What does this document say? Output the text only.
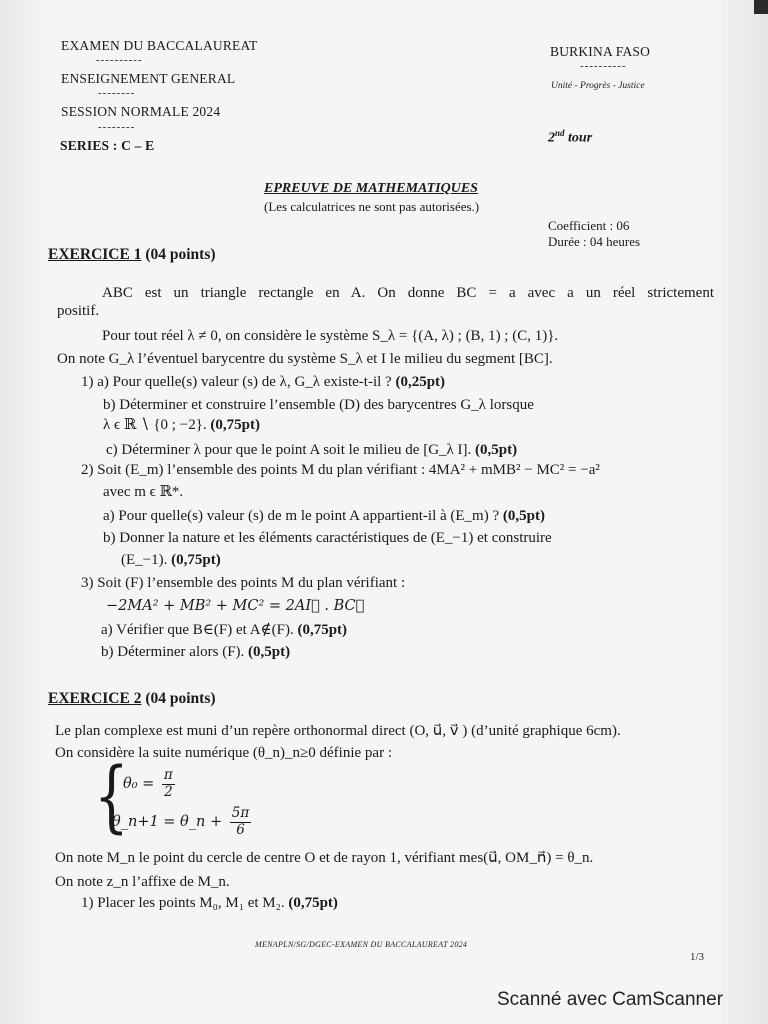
EXAMEN DU BACCALAUREAT
----------
ENSEIGNEMENT GENERAL
--------
SESSION NORMALE 2024
--------
SERIES : C – E
BURKINA FASO
----------
Unité - Progrès - Justice
2nd tour
EPREUVE DE MATHEMATIQUES
(Les calculatrices ne sont pas autorisées.)
Coefficient : 06
Durée : 04 heures
EXERCICE 1 (04 points)
ABC est un triangle rectangle en A. On donne BC = a avec a un réel strictement
positif.
Pour tout réel λ ≠ 0, on considère le système S_λ = {(A, λ) ; (B, 1) ; (C, 1)}.
On note G_λ l’éventuel barycentre du système S_λ et I le milieu du segment [BC].
1) a) Pour quelle(s) valeur (s) de λ, G_λ existe-t-il ? (0,25pt)
b) Déterminer et construire l’ensemble (D) des barycentres G_λ lorsque
λ ϵ ℝ ∖ {0 ; −2}. (0,75pt)
c) Déterminer λ pour que le point A soit le milieu de [G_λ I]. (0,5pt)
2) Soit (E_m) l’ensemble des points M du plan vérifiant : 4MA² + mMB² − MC² = −a²
avec m ϵ ℝ*.
a) Pour quelle(s) valeur (s) de m le point A appartient-il à (E_m) ? (0,5pt)
b) Donner la nature et les éléments caractéristiques de (E_−1) et construire
(E_−1). (0,75pt)
3) Soit (F) l’ensemble des points M du plan vérifiant :
−2MA² + MB² + MC² = 2AI⃗ . BC⃗
a) Vérifier que B∈(F) et A∉(F). (0,75pt)
b) Déterminer alors (F). (0,5pt)
EXERCICE 2 (04 points)
Le plan complexe est muni d’un repère orthonormal direct (O, u⃗, v⃗ ) (d’unité graphique 6cm).
On considère la suite numérique (θ_n)_n≥0 définie par :
{
$\theta_0 = \frac{\pi}{2}$
θ_n+1 = θ_n + $\frac{5\pi}{6}$
On note M_n le point du cercle de centre O et de rayon 1, vérifiant mes(u⃗, OM_n⃗) = θ_n.
On note z_n l’affixe de M_n.
1) Placer les points M₀, M₁ et M₂. (0,75pt)
MENAPLN/SG/DGEC-EXAMEN DU BACCALAUREAT 2024
1/3
Scanné avec CamScanner
